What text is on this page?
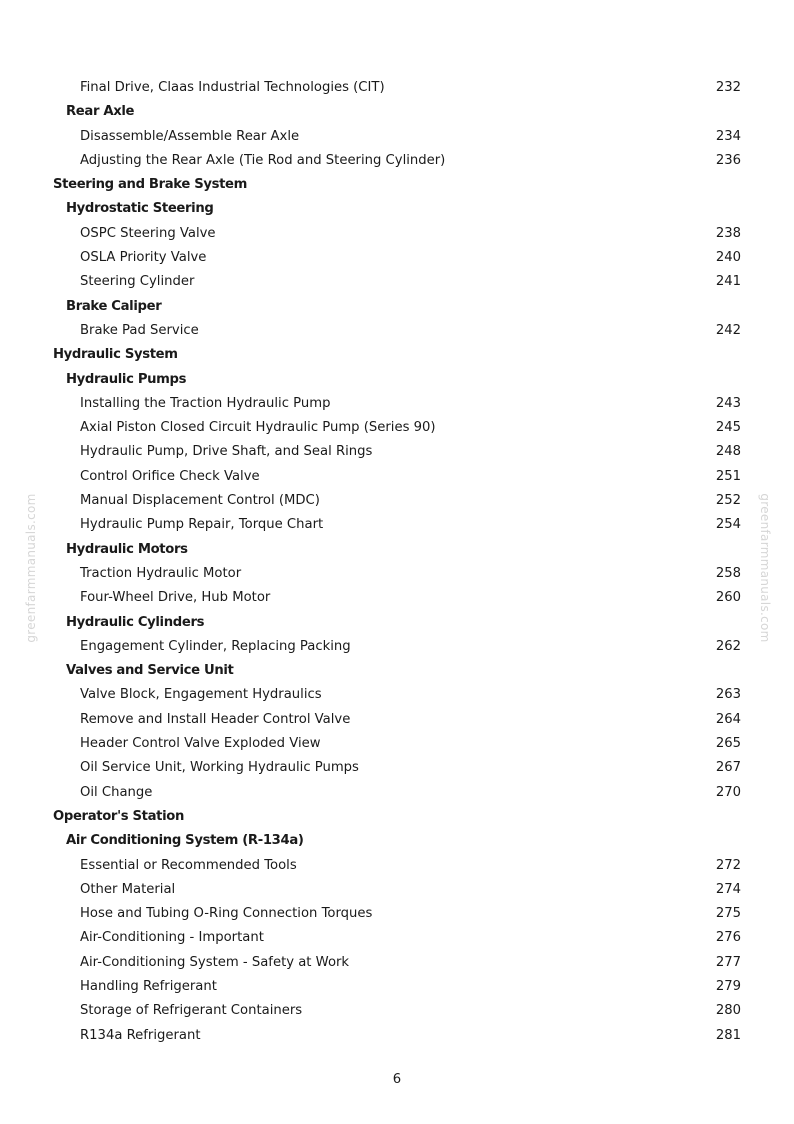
Final Drive, Claas Industrial Technologies (CIT)	232
Rear Axle
Disassemble/Assemble Rear Axle	234
Adjusting the Rear Axle (Tie Rod and Steering Cylinder)	236
Steering and Brake System
Hydrostatic Steering
OSPC Steering Valve	238
OSLA Priority Valve	240
Steering Cylinder	241
Brake Caliper
Brake Pad Service	242
Hydraulic System
Hydraulic Pumps
Installing the Traction Hydraulic Pump	243
Axial Piston Closed Circuit Hydraulic Pump (Series 90)	245
Hydraulic Pump, Drive Shaft, and Seal Rings	248
Control Orifice Check Valve	251
Manual Displacement Control (MDC)	252
Hydraulic Pump Repair, Torque Chart	254
Hydraulic Motors
Traction Hydraulic Motor	258
Four-Wheel Drive, Hub Motor	260
Hydraulic Cylinders
Engagement Cylinder, Replacing Packing	262
Valves and Service Unit
Valve Block, Engagement Hydraulics	263
Remove and Install Header Control Valve	264
Header Control Valve Exploded View	265
Oil Service Unit, Working Hydraulic Pumps	267
Oil Change	270
Operator's Station
Air Conditioning System (R-134a)
Essential or Recommended Tools	272
Other Material	274
Hose and Tubing O-Ring Connection Torques	275
Air-Conditioning - Important	276
Air-Conditioning System - Safety at Work	277
Handling Refrigerant	279
Storage of Refrigerant Containers	280
R134a Refrigerant	281
greenfarmmanuals.com	greenfarmmanuals.com
6
